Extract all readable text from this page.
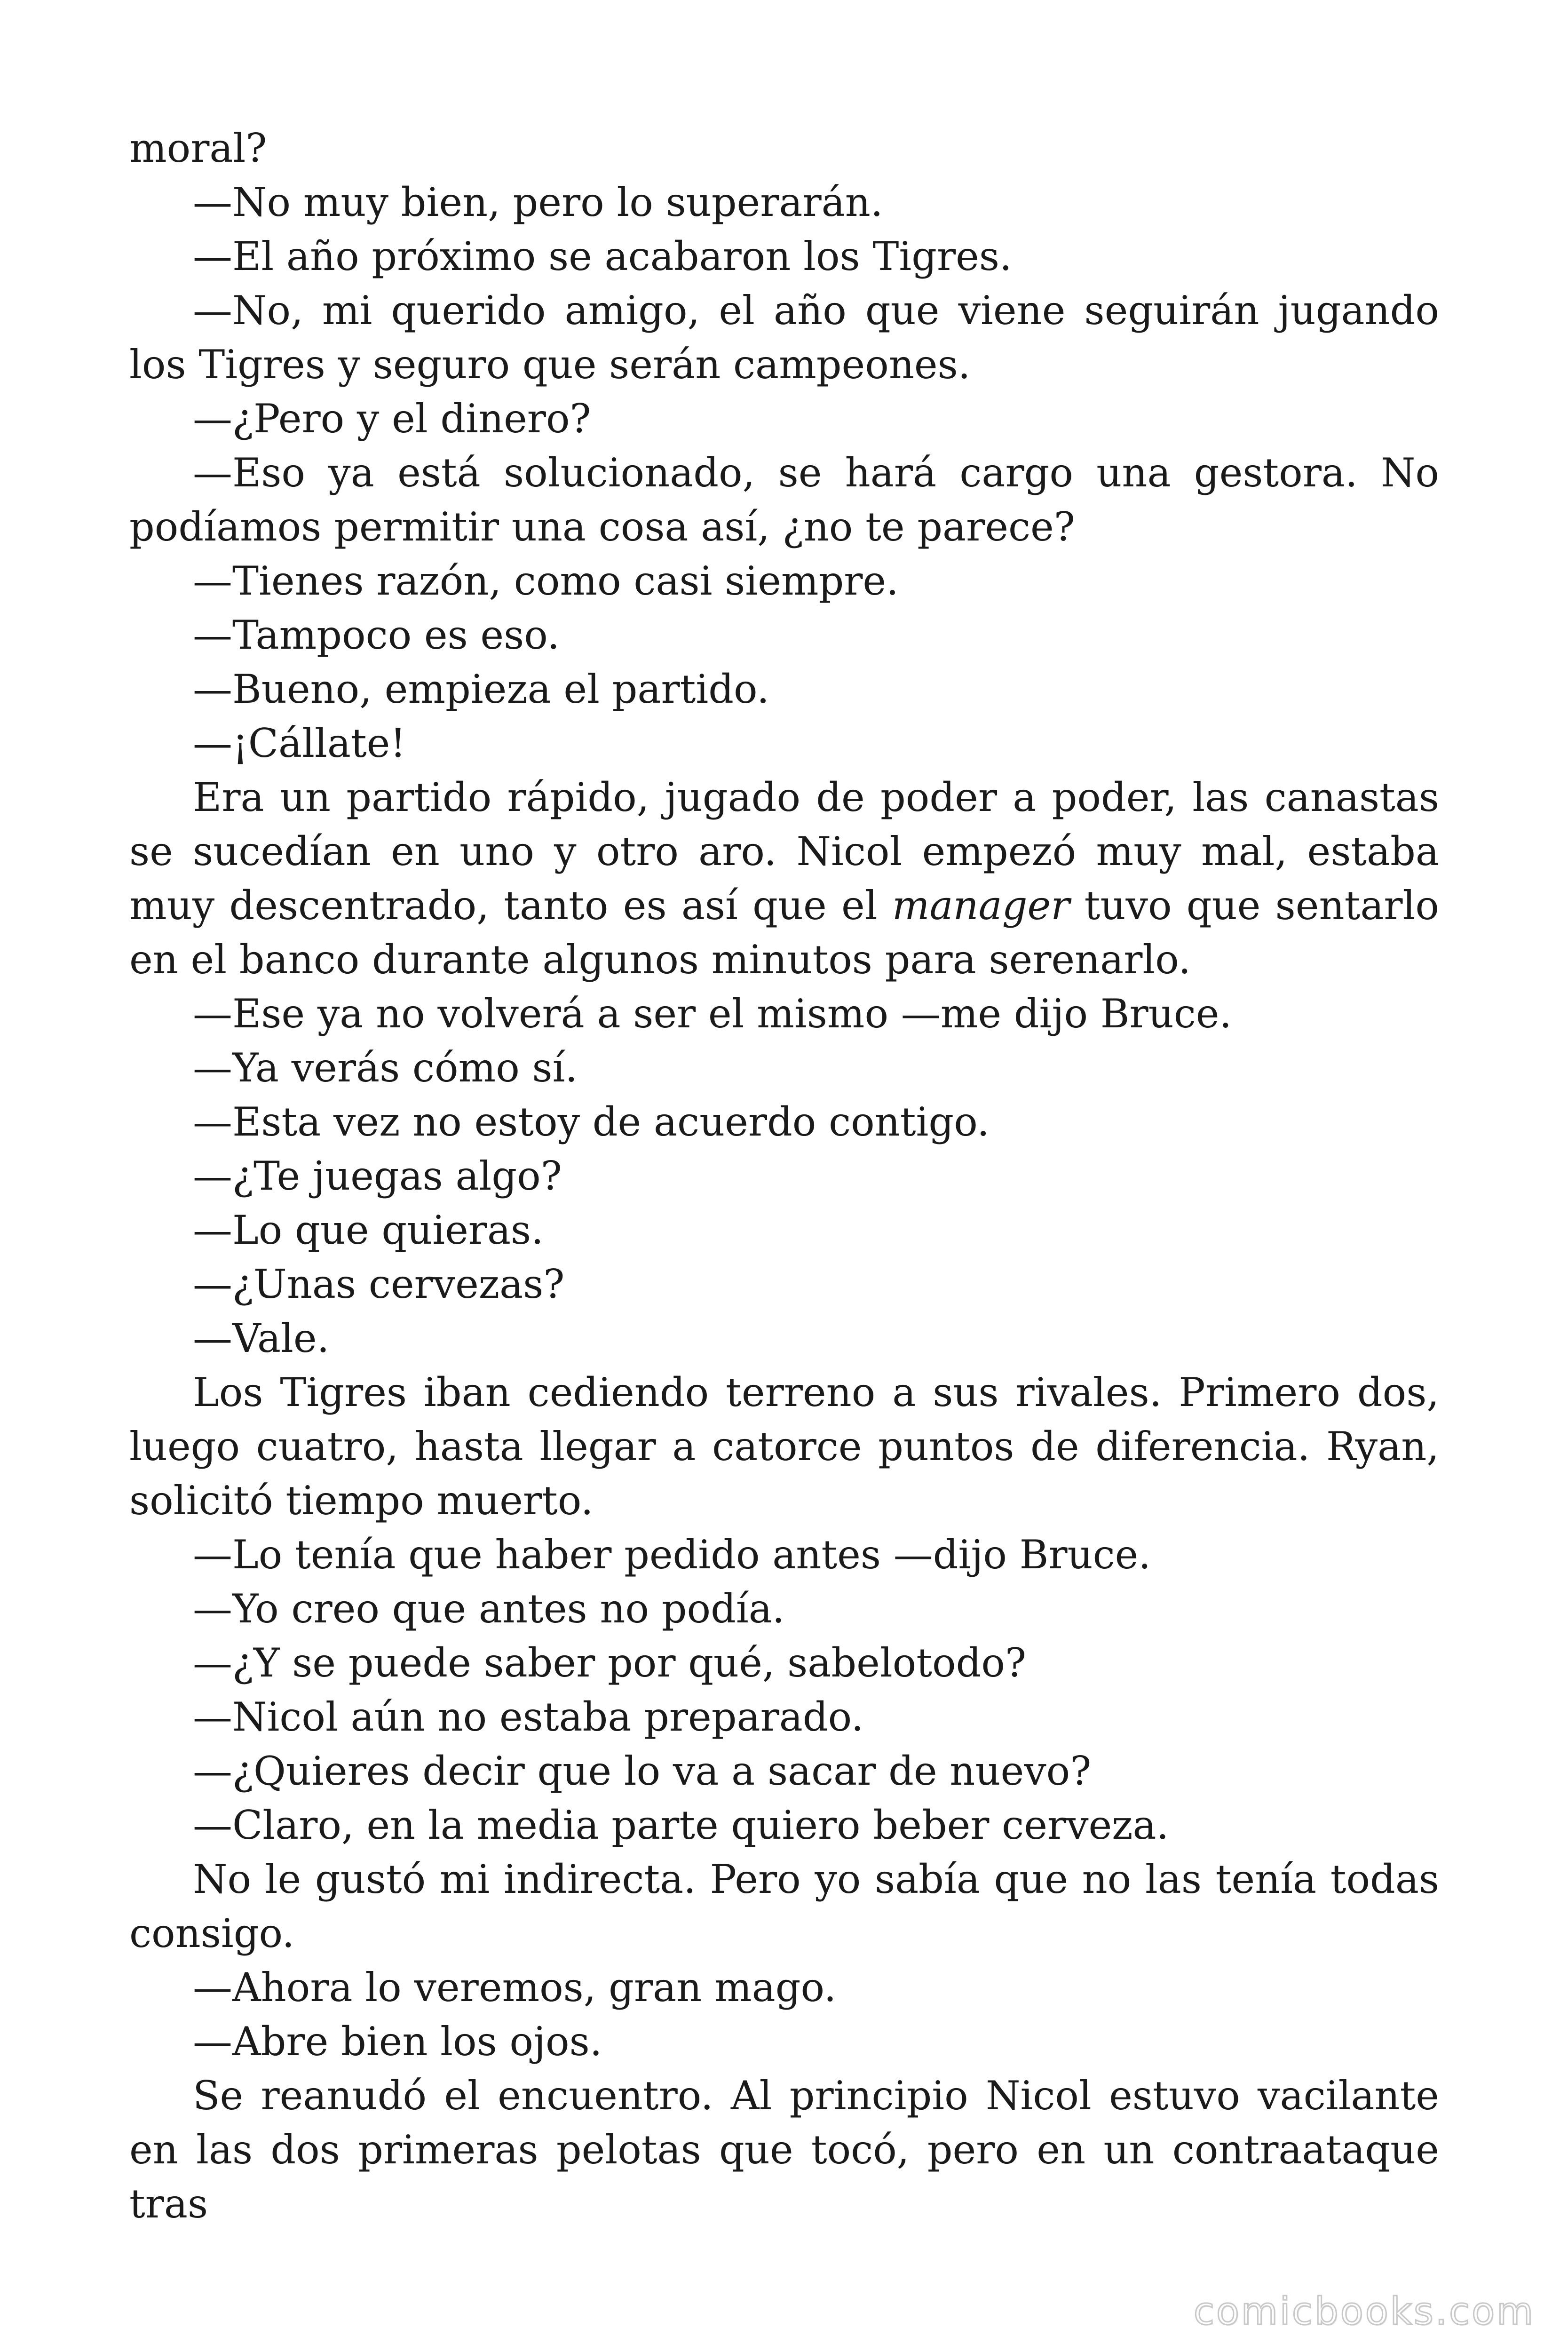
moral?

—No muy bien, pero lo superarán.

—El año próximo se acabaron los Tigres.

—No, mi querido amigo, el año que viene seguirán jugando los Tigres y seguro que serán campeones.

—¿Pero y el dinero?

—Eso ya está solucionado, se hará cargo una gestora. No podíamos permitir una cosa así, ¿no te parece?

—Tienes razón, como casi siempre.

—Tampoco es eso.

—Bueno, empieza el partido.

—¡Cállate!

Era un partido rápido, jugado de poder a poder, las canastas se sucedían en uno y otro aro. Nicol empezó muy mal, estaba muy descentrado, tanto es así que el manager tuvo que sentarlo en el banco durante algunos minutos para serenarlo.

—Ese ya no volverá a ser el mismo —me dijo Bruce.

—Ya verás cómo sí.

—Esta vez no estoy de acuerdo contigo.

—¿Te juegas algo?

—Lo que quieras.

—¿Unas cervezas?

—Vale.

Los Tigres iban cediendo terreno a sus rivales. Primero dos, luego cuatro, hasta llegar a catorce puntos de diferencia. Ryan, solicitó tiempo muerto.

—Lo tenía que haber pedido antes —dijo Bruce.

—Yo creo que antes no podía.

—¿Y se puede saber por qué, sabelotodo?

—Nicol aún no estaba preparado.

—¿Quieres decir que lo va a sacar de nuevo?

—Claro, en la media parte quiero beber cerveza.

No le gustó mi indirecta. Pero yo sabía que no las tenía todas consigo.

—Ahora lo veremos, gran mago.

—Abre bien los ojos.

Se reanudó el encuentro. Al principio Nicol estuvo vacilante en las dos primeras pelotas que tocó, pero en un contraataque tras

comicbooks.com
